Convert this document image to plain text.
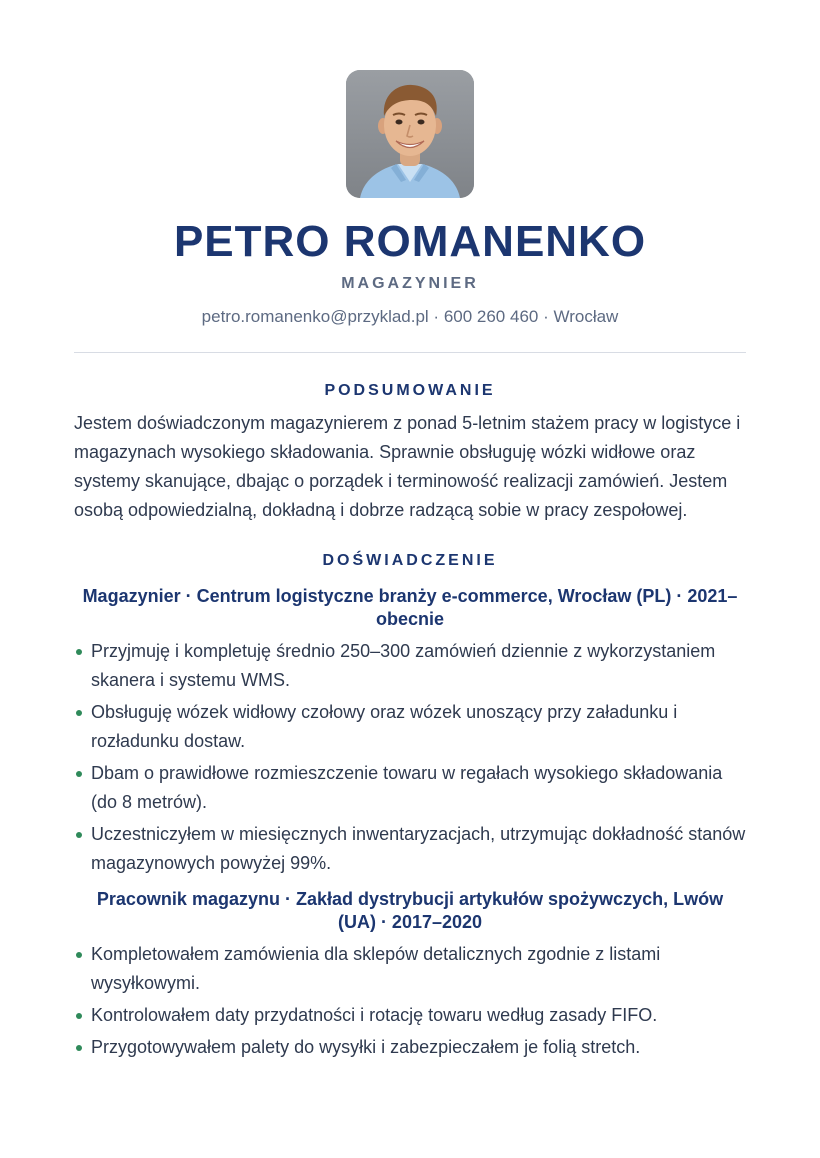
PETRO ROMANENKO
MAGAZYNIER
petro.romanenko@przyklad.pl · 600 260 460 · Wrocław
PODSUMOWANIE

Jestem doświadczonym magazynierem z ponad 5-letnim stażem pracy w logistyce i magazynach wysokiego składowania. Sprawnie obsługuję wózki widłowe oraz systemy skanujące, dbając o porządek i terminowość realizacji zamówień. Jestem osobą odpowiedzialną, dokładną i dobrze radzącą sobie w pracy zespołowej.

DOŚWIADCZENIE
Magazynier · Centrum logistyczne branży e-commerce, Wrocław (PL) · 2021–obecnie
Przyjmuję i kompletuję średnio 250–300 zamówień dziennie z wykorzystaniem skanera i systemu WMS.
Obsługuję wózek widłowy czołowy oraz wózek unoszący przy załadunku i rozładunku dostaw.
Dbam o prawidłowe rozmieszczenie towaru w regałach wysokiego składowania (do 8 metrów).
Uczestniczyłem w miesięcznych inwentaryzacjach, utrzymując dokładność stanów magazynowych powyżej 99%.
Pracownik magazynu · Zakład dystrybucji artykułów spożywczych, Lwów (UA) · 2017–2020
Kompletowałem zamówienia dla sklepów detalicznych zgodnie z listami wysyłkowymi.
Kontrolowałem daty przydatności i rotację towaru według zasady FIFO.
Przygotowywałem palety do wysyłki i zabezpieczałem je folią stretch.
